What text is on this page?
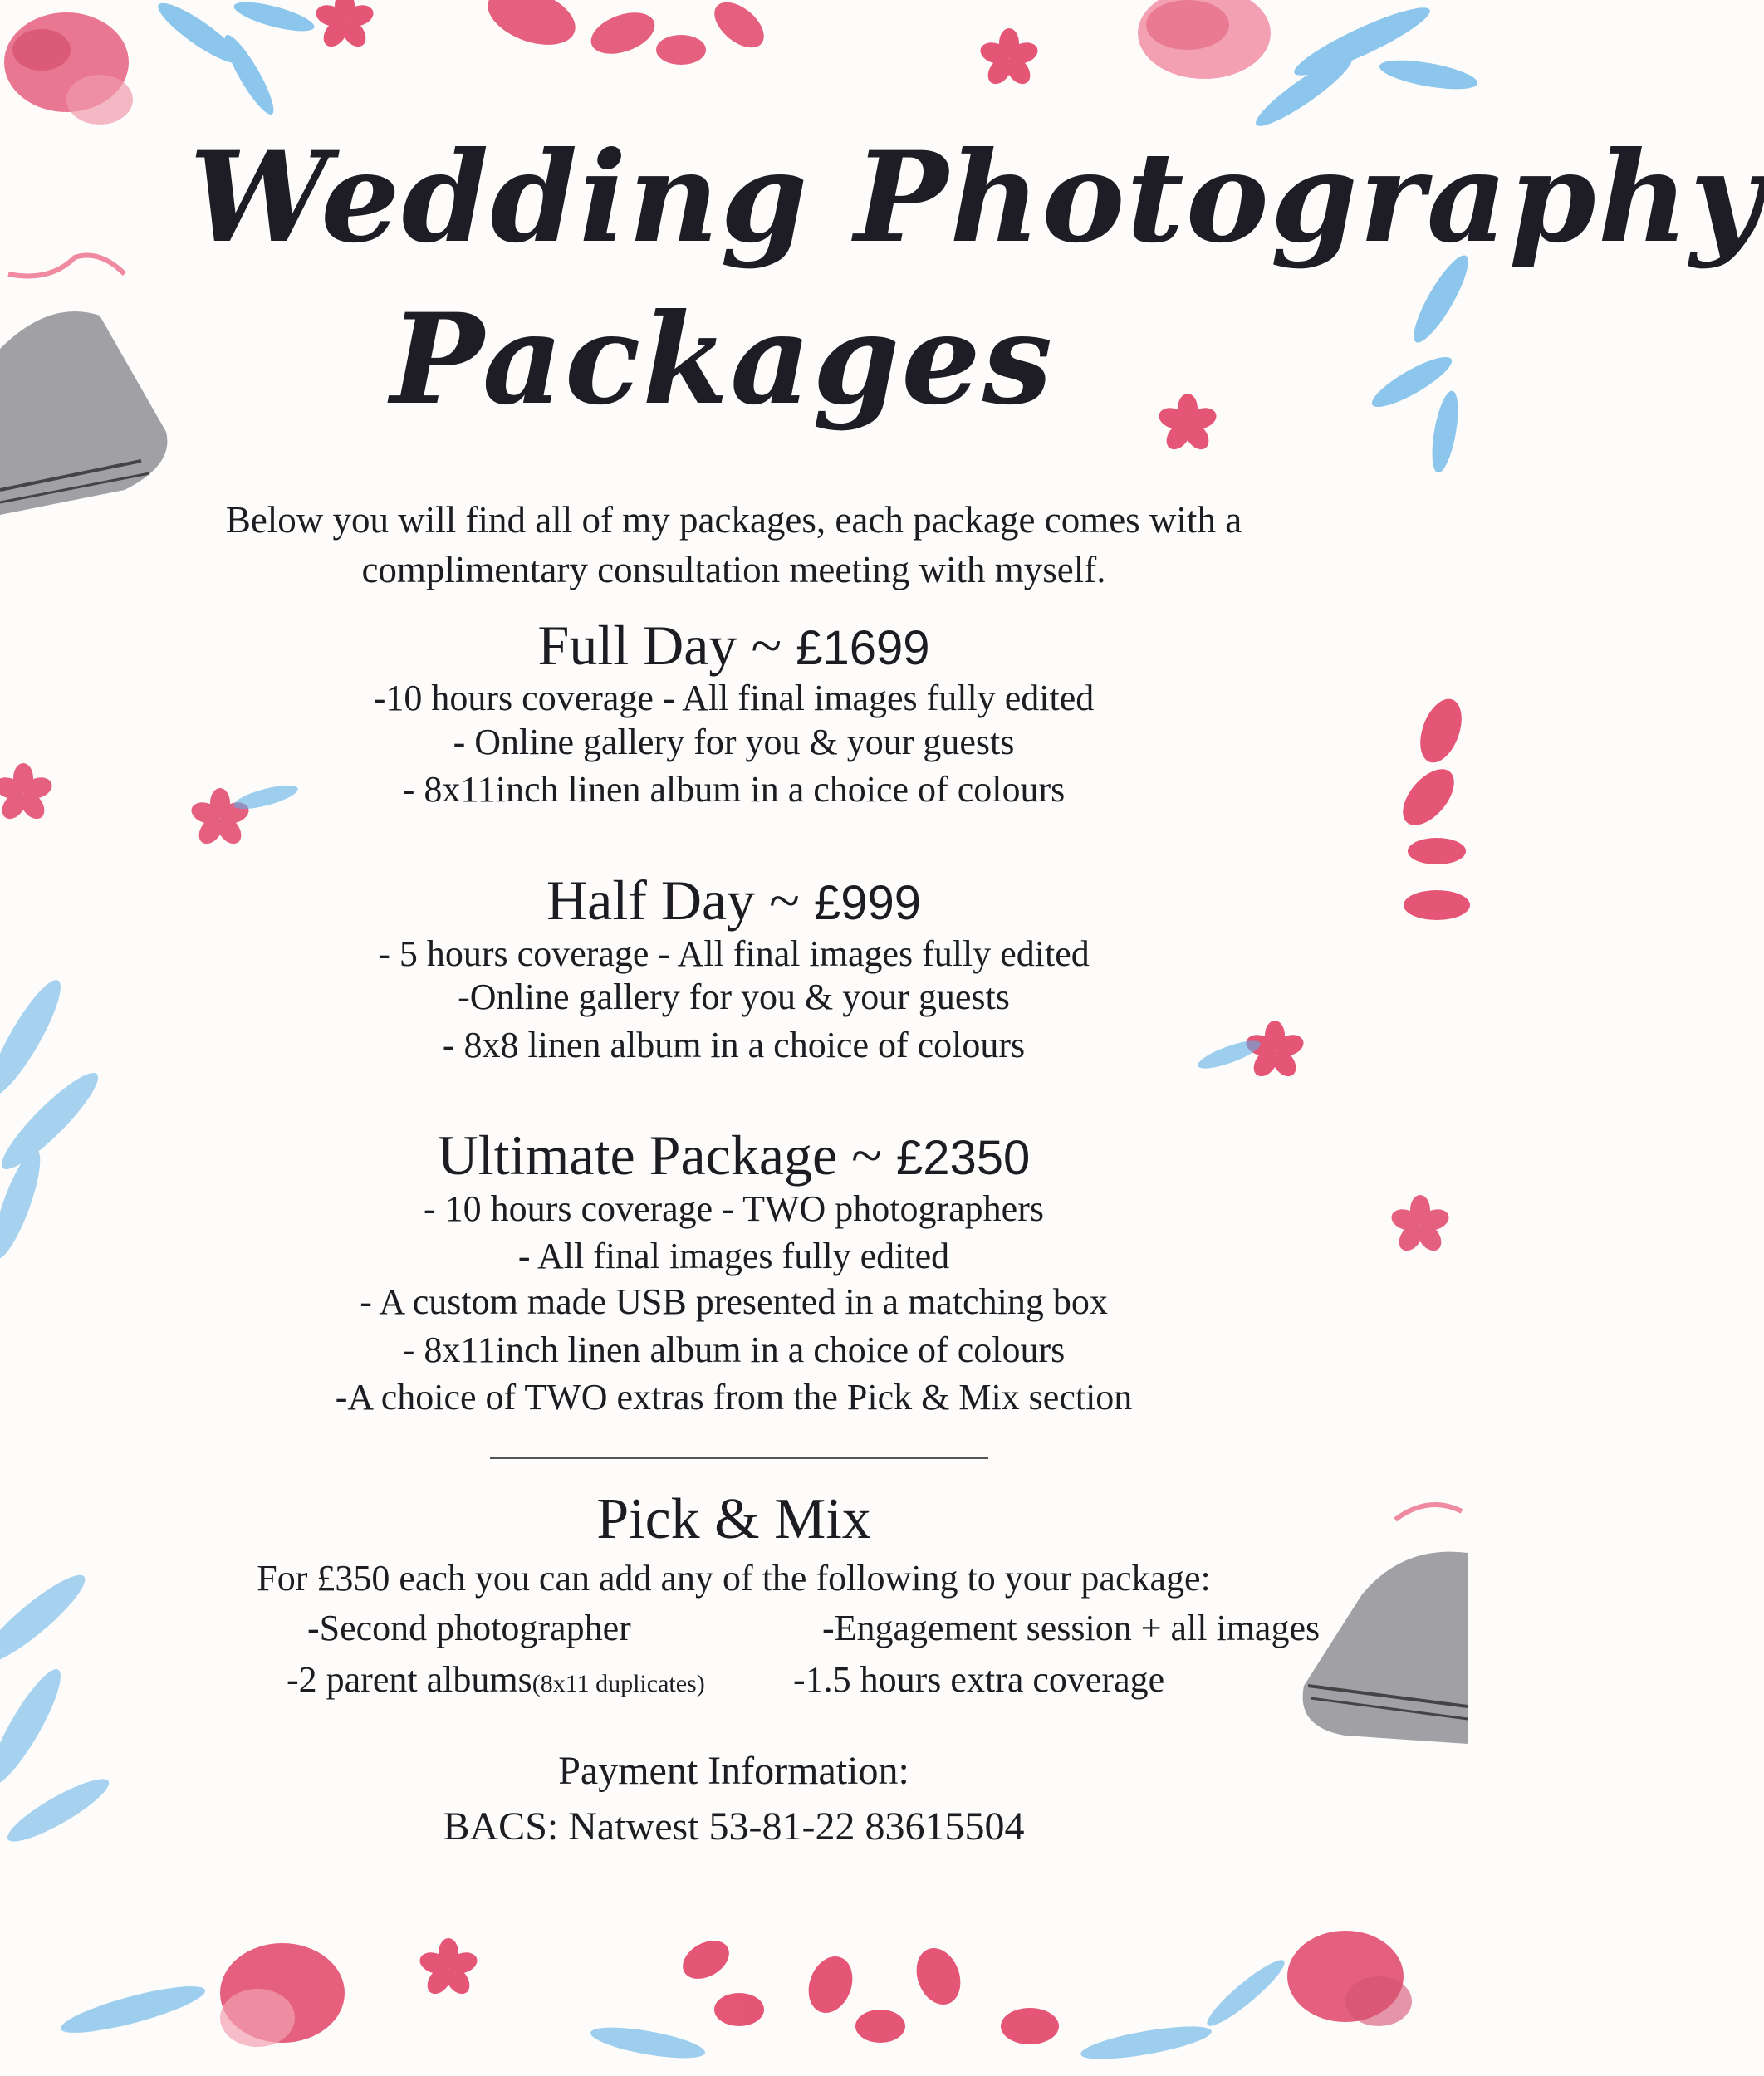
Wedding Photography
Packages
Below you will find all of my packages, each package comes with a
complimentary consultation meeting with myself.
Full Day ~ £1699
-10 hours coverage - All final images fully edited
- Online gallery for you & your guests
- 8x11inch linen album in a choice of colours
Half Day ~ £999
- 5 hours coverage - All final images fully edited
-Online gallery for you & your guests
- 8x8 linen album in a choice of colours
Ultimate Package ~ £2350
- 10 hours coverage - TWO photographers
- All final images fully edited
- A custom made USB presented in a matching box
- 8x11inch linen album in a choice of colours
-A choice of TWO extras from the Pick & Mix section
Pick & Mix
For £350 each you can add any of the following to your package:
-Second photographer	-Engagement session + all images
-2 parent albums(8x11 duplicates) -1.5 hours extra coverage
Payment Information:
BACS: Natwest 53-81-22 83615504
